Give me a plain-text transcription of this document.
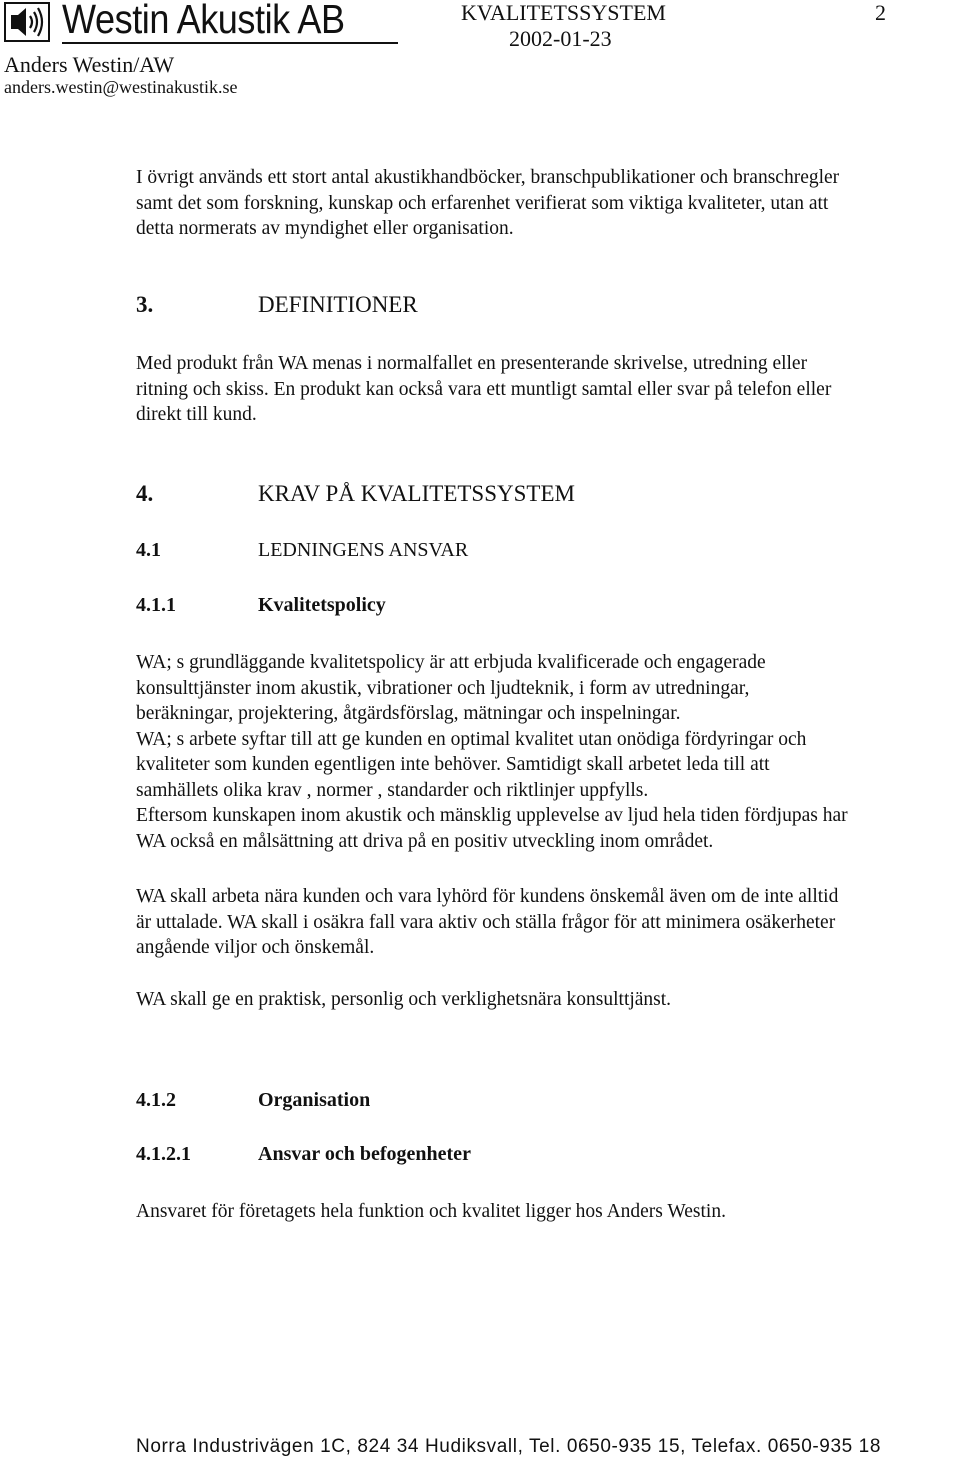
Westin Akustik AB	KVALITETSSYSTEM
2002-01-23
2
Anders Westin/AW
anders.westin@westinakustik.se
I övrigt används ett stort antal akustikhandböcker, branschpublikationer och branschregler
samt det som forskning, kunskap och erfarenhet verifierat som viktiga kvaliteter, utan att
detta normerats av myndighet eller organisation.
3.	DEFINITIONER
Med produkt från WA menas i normalfallet en presenterande skrivelse, utredning eller
ritning och skiss. En produkt kan också vara ett muntligt samtal eller svar på telefon eller
direkt till kund.
4.	KRAV PÅ KVALITETSSYSTEM
4.1	LEDNINGENS ANSVAR
4.1.1	Kvalitetspolicy
WA; s grundläggande kvalitetspolicy är att erbjuda kvalificerade och engagerade
konsulttjänster inom akustik, vibrationer och ljudteknik, i form av utredningar,
beräkningar, projektering, åtgärdsförslag, mätningar och inspelningar.
WA; s arbete syftar till att ge kunden en optimal kvalitet utan onödiga fördyringar och
kvaliteter som kunden egentligen inte behöver. Samtidigt skall arbetet leda till att
samhällets olika krav , normer , standarder och riktlinjer uppfylls.
Eftersom kunskapen inom akustik och mänsklig upplevelse av ljud hela tiden fördjupas har
WA också en målsättning att driva på en positiv utveckling inom området.
WA skall arbeta nära kunden och vara lyhörd för kundens önskemål även om de inte alltid
är uttalade. WA skall i osäkra fall vara aktiv och ställa frågor för att minimera osäkerheter
angående viljor och önskemål.
WA skall ge en praktisk, personlig och verklighetsnära konsulttjänst.
4.1.2	Organisation
4.1.2.1	Ansvar och befogenheter
Ansvaret för företagets hela funktion och kvalitet ligger hos Anders Westin.
Norra Industrivägen 1C, 824 34 Hudiksvall, Tel. 0650-935 15, Telefax. 0650-935 18
